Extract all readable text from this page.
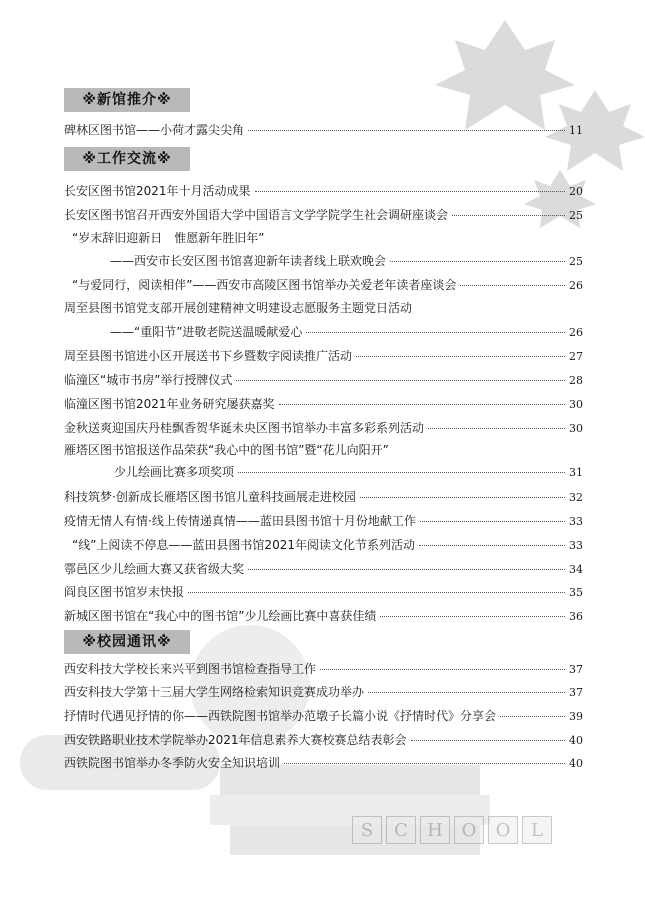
S	C	H	O	O	L
※新馆推介※
碑林区图书馆——小荷才露尖尖角	11
※工作交流※
长安区图书馆2021年十月活动成果	20
长安区图书馆召开西安外国语大学中国语言文学学院学生社会调研座谈会	25
“岁末辞旧迎新日　惟愿新年胜旧年”
——西安市长安区图书馆喜迎新年读者线上联欢晚会	25
“与爱同行，阅读相伴”——西安市高陵区图书馆举办关爱老年读者座谈会	26
周至县图书馆党支部开展创建精神文明建设志愿服务主题党日活动
——“重阳节”进敬老院送温暖献爱心	26
周至县图书馆进小区开展送书下乡暨数字阅读推广活动	27
临潼区“城市书房”举行授牌仪式	28
临潼区图书馆2021年业务研究屡获嘉奖	30
金秋送爽迎国庆丹桂飘香贺华诞未央区图书馆举办丰富多彩系列活动	30
雁塔区图书馆报送作品荣获“我心中的图书馆”暨“花儿向阳开”
少儿绘画比赛多项奖项	31
科技筑梦·创新成长雁塔区图书馆儿童科技画展走进校园	32
疫情无情人有情·线上传情递真情——蓝田县图书馆十月份地献工作	33
“线”上阅读不停息——蓝田县图书馆2021年阅读文化节系列活动	33
鄠邑区少儿绘画大赛又获省级大奖	34
阎良区图书馆岁末快报	35
新城区图书馆在“我心中的图书馆”少儿绘画比赛中喜获佳绩	36
※校园通讯※
西安科技大学校长来兴平到图书馆检查指导工作	37
西安科技大学第十三届大学生网络检索知识竞赛成功举办	37
抒情时代遇见抒情的你——西铁院图书馆举办范墩子长篇小说《抒情时代》分享会	39
西安铁路职业技术学院举办2021年信息素养大赛校赛总结表彰会	40
西铁院图书馆举办冬季防火安全知识培训	40
